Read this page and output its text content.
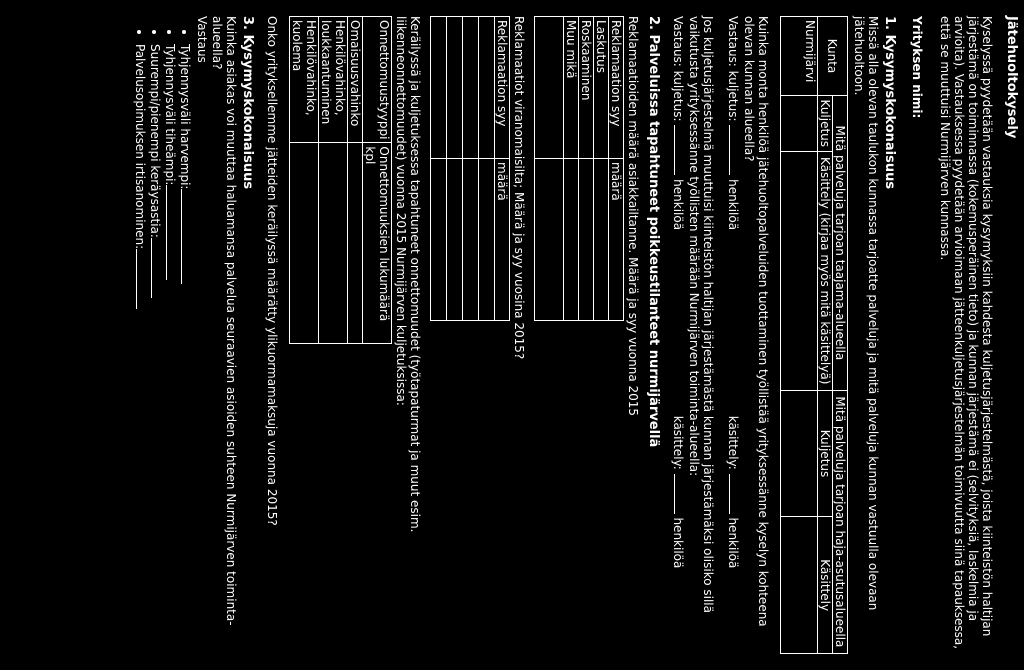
Jätehuoltokysely
Kyselyssä pyydetään vastauksia kysymyksiin kahdesta kuljetusjärjestelmästä, joista kiinteistön haltijan järjestämä on toiminnassa (kokemusperäinen tieto) ja kunnan järjestämä ei (selvityksiä, laskelmia ja arvioita). Vastauksessa pyydetään arvioimaan jätteenkuljetusjärjestelmän toimivuutta siinä tapauksessa, että se muuttuisi Nurmijärven kunnassa.
Yrityksen nimi:
1. Kysymyskokonaisuus
Missä alla olevan taulukon kunnassa tarjoatte palveluja ja mitä palveluja kunnan vastuulla olevaan jätehuoltoon.
Kunta	Mitä palveluja tarjoan taajama-alueella		Mitä palveluja tarjoan haja-asutusalueella	
	Kuljetus	Käsittely (kirjaa myös mitä käsittelyä)	Kuljetus	Käsittely
Nurmijärvi				
Kuinka monta henkilöä jätehuoltopalveluiden tuottaminen työllistää yrityksessänne kyselyn kohteena olevan kunnan alueella?
Vastaus: kuljetus:  henkilöä  käsittely:  henkilöä
Jos kuljetusjärjestelmä muuttuisi kiinteistön haltijan järjestämästä kunnan järjestämäksi olisiko sillä vaikutusta yrityksessänne työllisten määrään Nurmijärven toiminta-alueella:
Vastaus: kuljetus:  henkilöä  käsittely:  henkilöä
2. Palveluissa tapahtuneet poikkeustilanteet nurmijärvellä
Reklamaatioiden määrä asiakkailtanne. Määrä ja syy vuonna 2015
Reklamaation syy	määrä
Laskutus	
Roskaaminen	
Muu mikä	

Reklamaatiot viranomaisilta; Määrä ja syy vuosina 2015?
Reklamaation syy	määrä

Keräilyssä ja kuljetuksessa tapahtuneet onnettomuudet (työtapaturmat ja muut esim. liikenneonnettomuudet) vuonna 2015 Nurmijärven kuljetuksissa:
Onnettomuustyyppi	Onnettomuuksien lukumäärä kpl
Omaisuusvahinko	
Henkilövahinko, loukkaantuminen	
Henkilövahinko, kuolema	
Onko yrityksellemme jätteiden keräilyssä määrätty ylikuormamaksuja vuonna 2015?
3. Kysymyskokonaisuus
Kuinka asiakas voi muuttaa haluamansa palvelua seuraavien asioiden suhteen Nurmijärven toiminta-alueella?
Vastaus
• Tyhjennysväli harvempi:
• Tyhjennysväli tiheämpi:
• Suurempi/pienempi keräysastia:
• Palvelusopimuksen irtisanominen:
